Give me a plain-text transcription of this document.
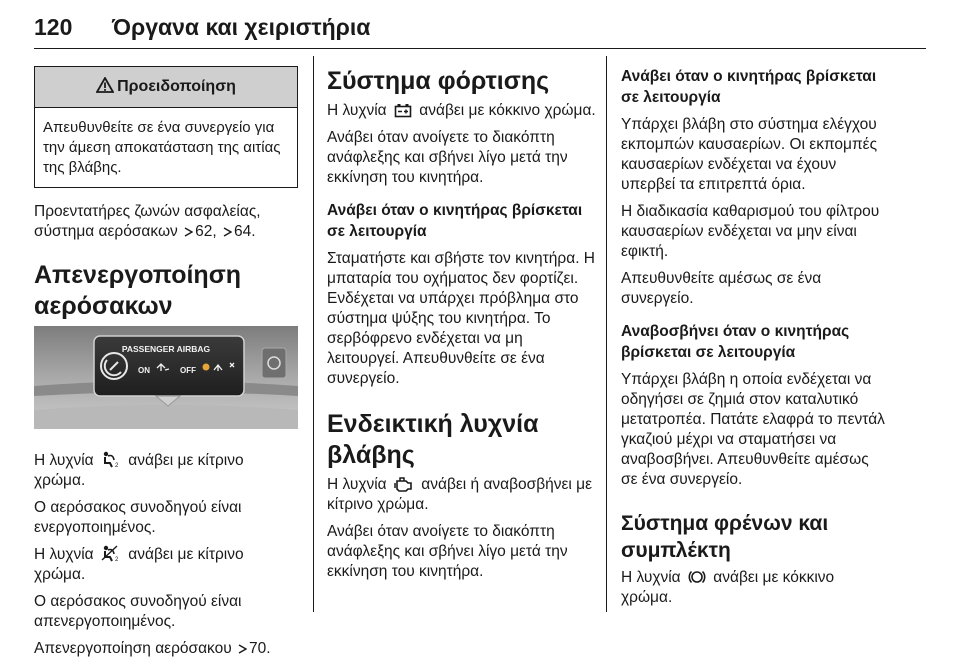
120 Όργανα και χειριστήρια
Προειδοποίηση
Απευθυνθείτε σε ένα συνεργείο για την άμεση αποκατάσταση της αιτίας της βλάβης.

Προεντατήρες ζωνών ασφαλείας, σύστημα αερόσακων 62, 64.

Απενεργοποίηση αερόσακων
PASSENGER AIRBAG
ON	OFF

Η λυχνία	2 ανάβει με κίτρινο χρώμα.

Ο αερόσακος συνοδηγού είναι ενεργοποιημένος.

Η λυχνία	2 ανάβει με κίτρινο χρώμα.

Ο αερόσακος συνοδηγού είναι απενεργοποιημένος.

Απενεργοποίηση αερόσακου 70.

Σύστημα φόρτισης

Η λυχνία ανάβει με κόκκινο χρώμα.

Ανάβει όταν ανοίγετε το διακόπτη ανάφλεξης και σβήνει λίγο μετά την εκκίνηση του κινητήρα.

Ανάβει όταν ο κινητήρας βρίσκεται σε λειτουργία

Σταματήστε και σβήστε τον κινητήρα. Η μπαταρία του οχήματος δεν φορτίζει. Ενδέχεται να υπάρχει πρόβλημα στο σύστημα ψύξης του κινητήρα. Το σερβόφρενο ενδέχεται να μη λειτουργεί. Απευθυνθείτε σε ένα συνεργείο.

Ενδεικτική λυχνία βλάβης

Η λυχνία ανάβει ή αναβοσβήνει με κίτρινο χρώμα.

Ανάβει όταν ανοίγετε το διακόπτη ανάφλεξης και σβήνει λίγο μετά την εκκίνηση του κινητήρα.

Ανάβει όταν ο κινητήρας βρίσκεται σε λειτουργία

Υπάρχει βλάβη στο σύστημα ελέγχου εκπομπών καυσαερίων. Οι εκπομπές καυσαερίων ενδέχεται να έχουν υπερβεί τα επιτρεπτά όρια.

Η διαδικασία καθαρισμού του φίλτρου καυσαερίων ενδέχεται να μην είναι εφικτή.

Απευθυνθείτε αμέσως σε ένα συνεργείο.

Αναβοσβήνει όταν ο κινητήρας βρίσκεται σε λειτουργία

Υπάρχει βλάβη η οποία ενδέχεται να οδηγήσει σε ζημιά στον καταλυτικό μετατροπέα. Πατάτε ελαφρά το πεντάλ γκαζιού μέχρι να σταματήσει να αναβοσβήνει. Απευθυνθείτε αμέσως σε ένα συνεργείο.

Σύστημα φρένων και συμπλέκτη

Η λυχνία ανάβει με κόκκινο χρώμα.
